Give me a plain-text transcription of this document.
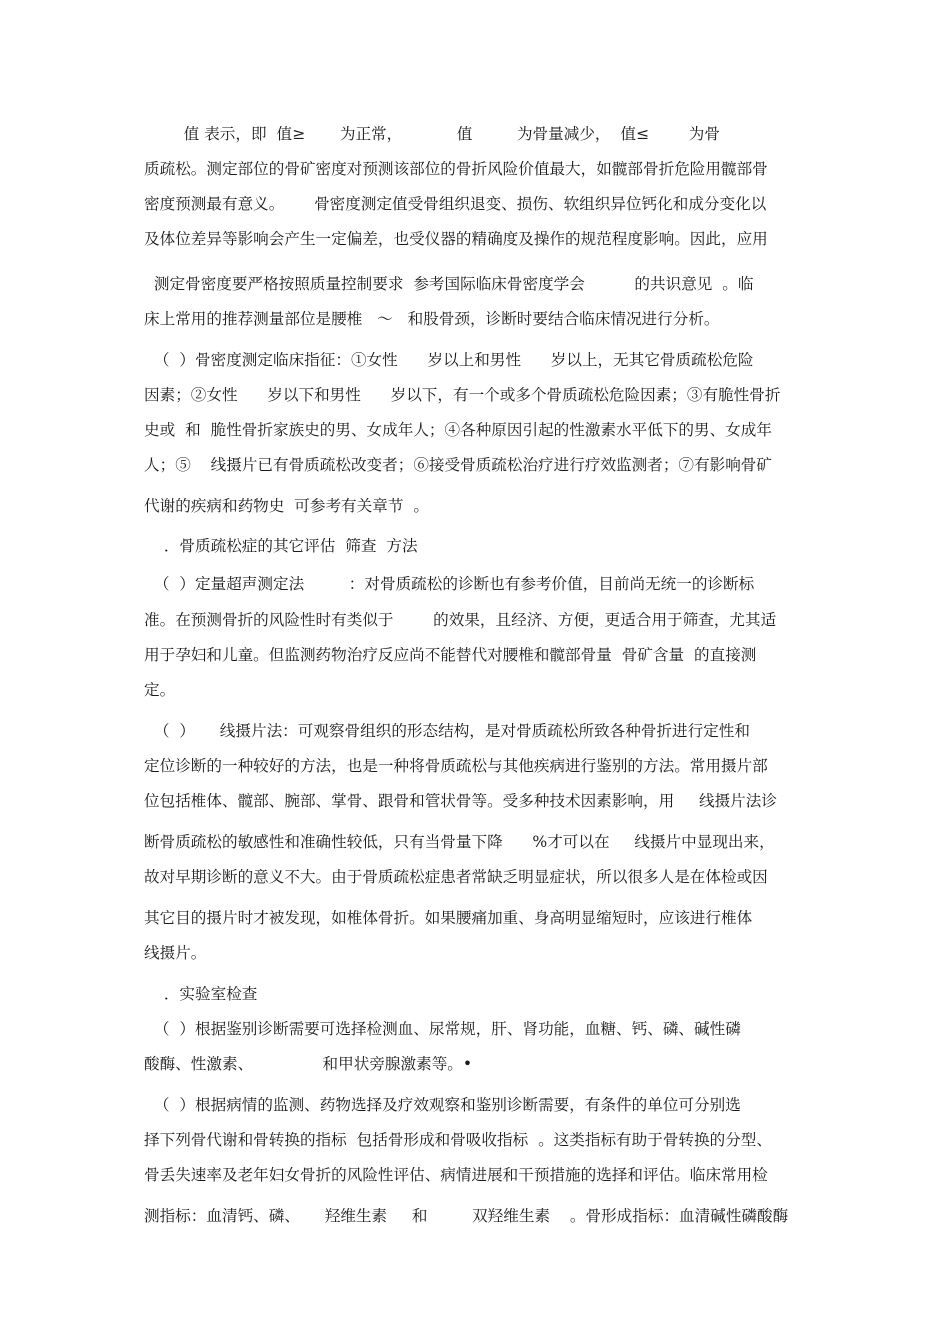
值 表示，即  值≥       为正常，           值         为骨量减少，  值≤        为骨
质疏松。测定部位的骨矿密度对预测该部位的骨折风险价值最大，如髋部骨折危险用髋部骨
密度预测最有意义。      骨密度测定值受骨组织退变、损伤、软组织异位钙化和成分变化以
及体位差异等影响会产生一定偏差，也受仪器的精确度及操作的规范程度影响。因此，应用
测定骨密度要严格按照质量控制要求  参考国际临床骨密度学会          的共识意见  。临
床上常用的推荐测量部位是腰椎   ～   和股骨颈，诊断时要结合临床情况进行分析。
（  ）骨密度测定临床指征：①女性      岁以上和男性      岁以上，无其它骨质疏松危险
因素；②女性      岁以下和男性      岁以下，有一个或多个骨质疏松危险因素；③有脆性骨折
史或  和  脆性骨折家族史的男、女成年人；④各种原因引起的性激素水平低下的男、女成年
人；⑤    线摄片已有骨质疏松改变者；⑥接受骨质疏松治疗进行疗效监测者；⑦有影响骨矿
代谢的疾病和药物史  可参考有关章节  。
．骨质疏松症的其它评估  筛查  方法
（  ）定量超声测定法         ：对骨质疏松的诊断也有参考价值，目前尚无统一的诊断标
准。在预测骨折的风险性时有类似于        的效果，且经济、方便，更适合用于筛查，尤其适
用于孕妇和儿童。但监测药物治疗反应尚不能替代对腰椎和髋部骨量  骨矿含量  的直接测
定。
（  ）     线摄片法：可观察骨组织的形态结构，是对骨质疏松所致各种骨折进行定性和
定位诊断的一种较好的方法，也是一种将骨质疏松与其他疾病进行鉴别的方法。常用摄片部
位包括椎体、髋部、腕部、掌骨、跟骨和管状骨等。受多种技术因素影响，用     线摄片法诊
断骨质疏松的敏感性和准确性较低，只有当骨量下降      %才可以在     线摄片中显现出来，
故对早期诊断的意义不大。由于骨质疏松症患者常缺乏明显症状，所以很多人是在体检或因
其它目的摄片时才被发现，如椎体骨折。如果腰痛加重、身高明显缩短时，应该进行椎体
线摄片。
．实验室检查
（  ）根据鉴别诊断需要可选择检测血、尿常规，肝、肾功能，血糖、钙、磷、碱性磷
酸酶、性激素、              和甲状旁腺激素等。•
（  ）根据病情的监测、药物选择及疗效观察和鉴别诊断需要，有条件的单位可分别选
择下列骨代谢和骨转换的指标  包括骨形成和骨吸收指标  。这类指标有助于骨转换的分型、
骨丢失速率及老年妇女骨折的风险性评估、病情进展和干预措施的选择和评估。临床常用检
测指标：血清钙、磷、     羟维生素     和         双羟维生素    。骨形成指标：血清碱性磷酸酶
